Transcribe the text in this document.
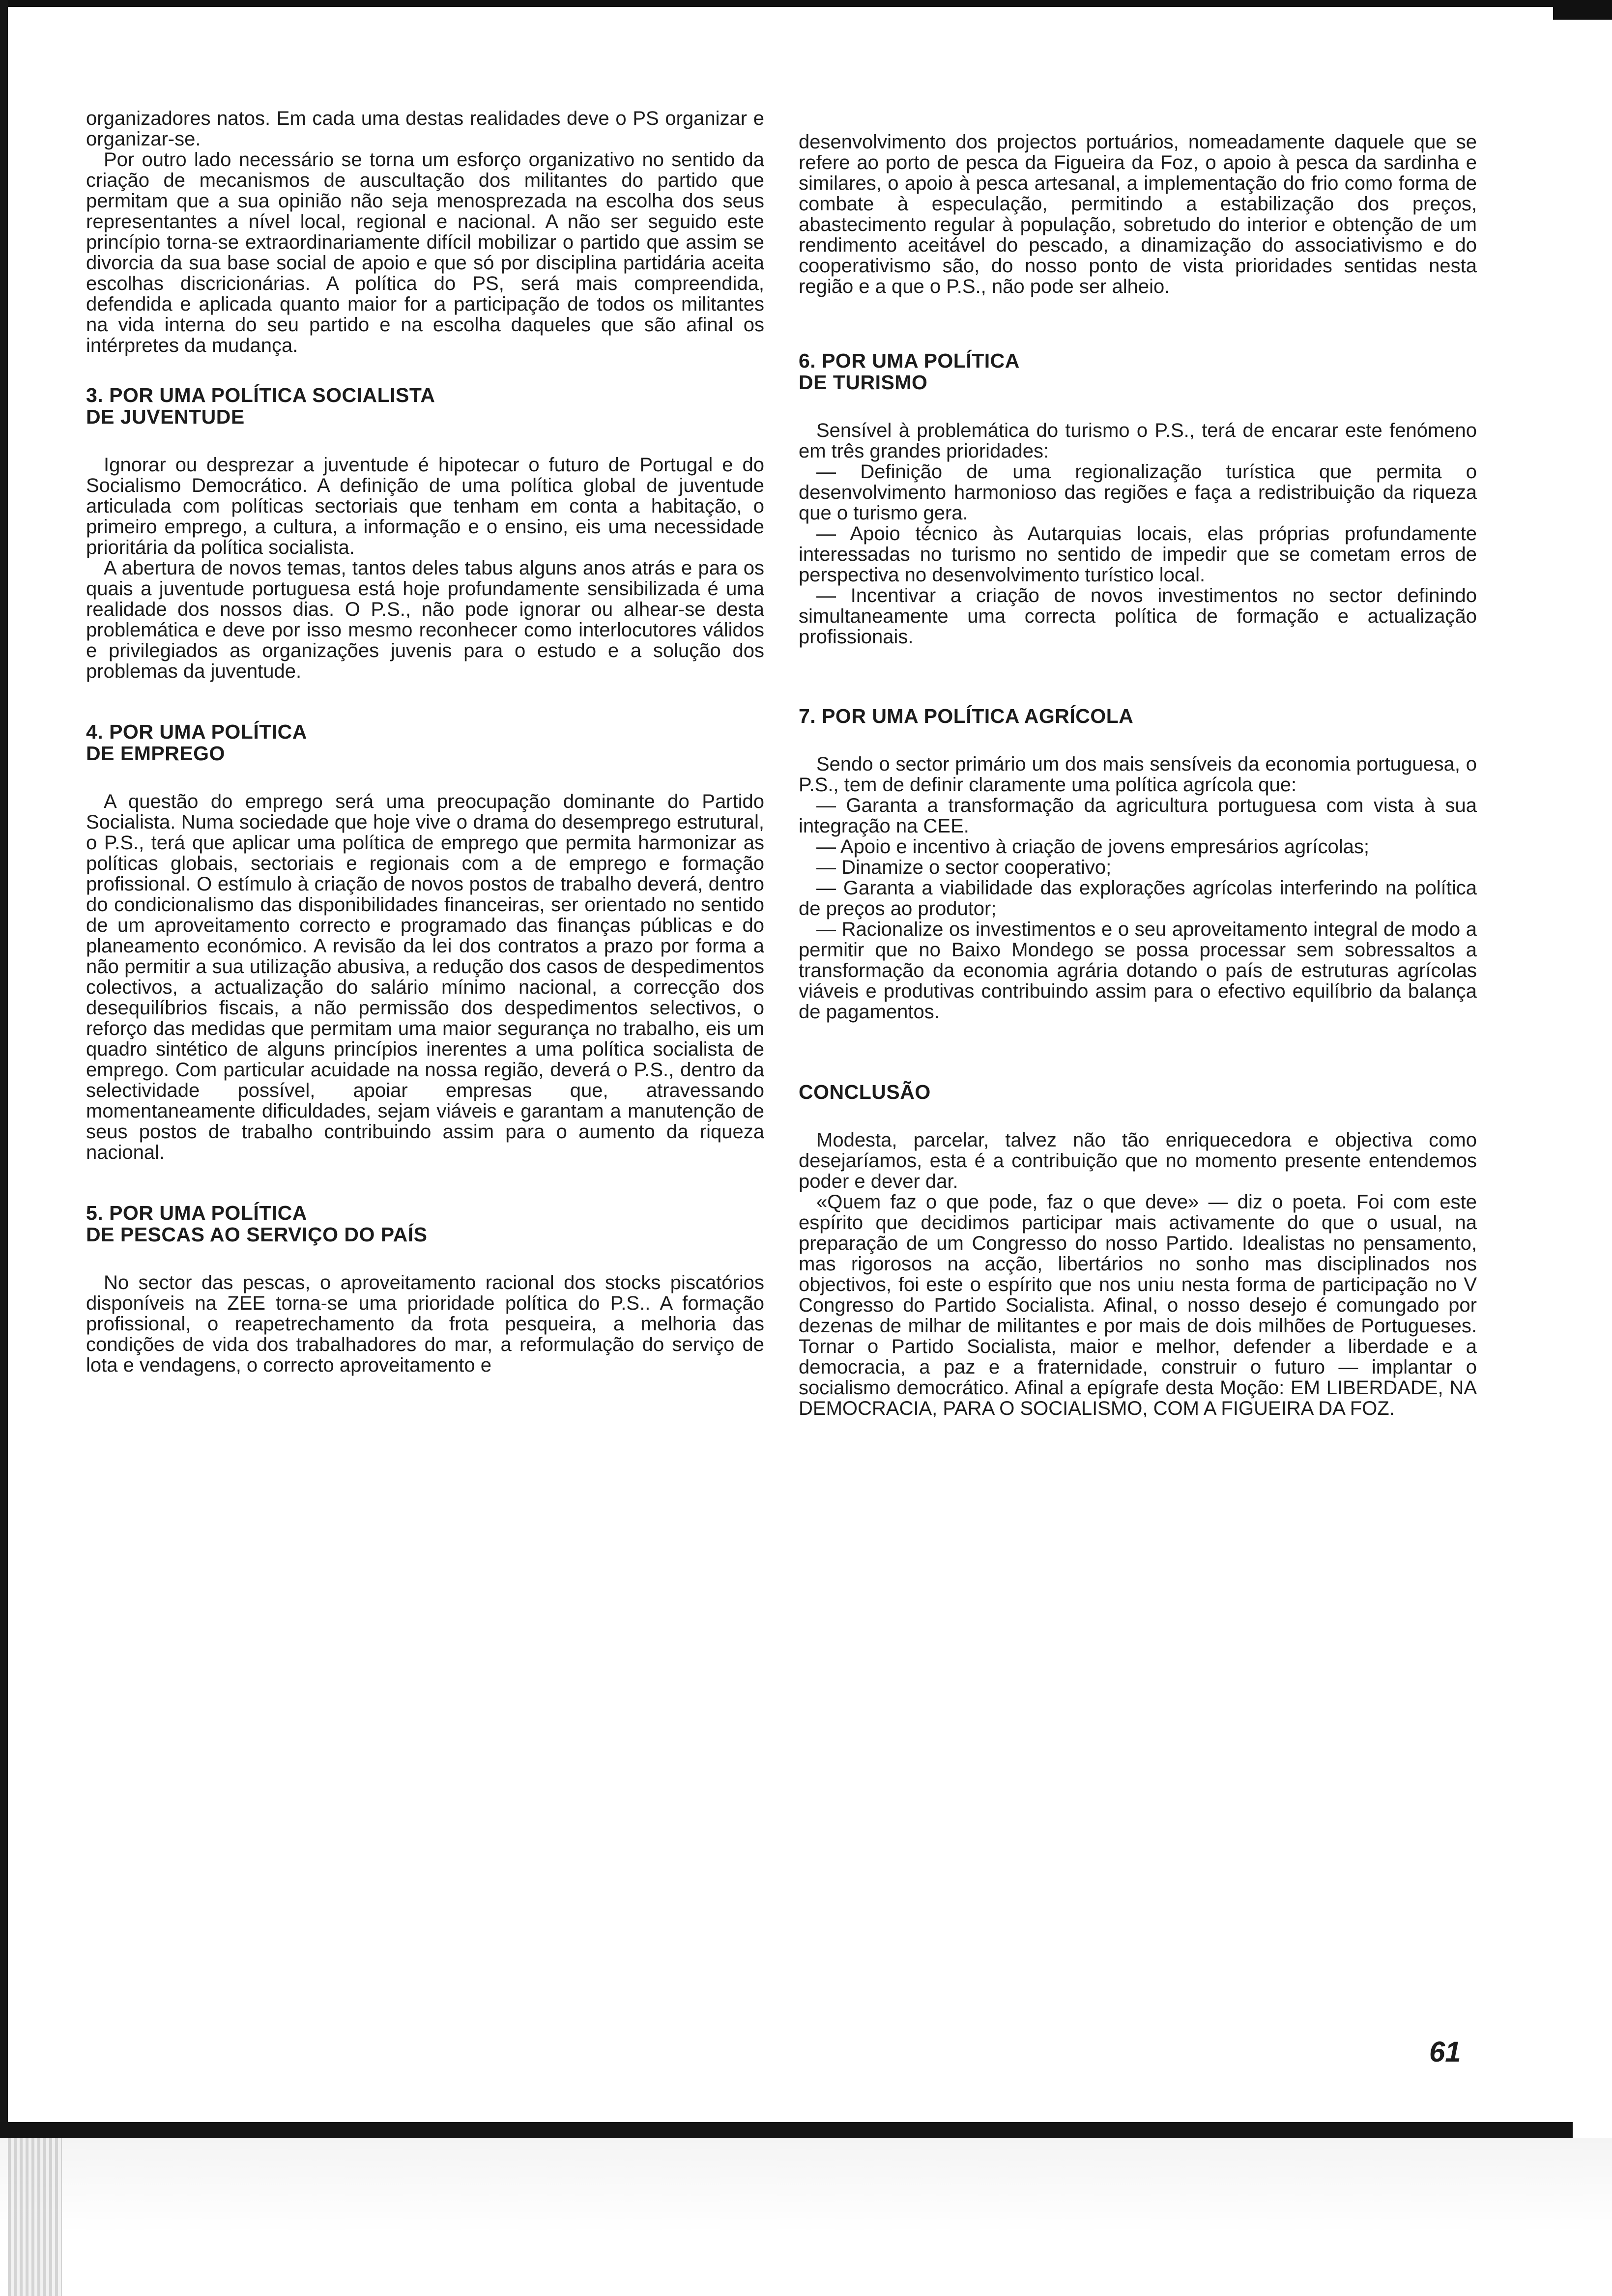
organizadores natos. Em cada uma destas realidades deve o PS organizar e organizar-se.

Por outro lado necessário se torna um esforço organizativo no sentido da criação de mecanismos de auscultação dos militantes do partido que permitam que a sua opinião não seja menosprezada na escolha dos seus representantes a nível local, regional e nacional. A não ser seguido este princípio torna-se extraordinariamente difícil mobilizar o partido que assim se divorcia da sua base social de apoio e que só por disciplina partidária aceita escolhas discricionárias. A política do PS, será mais compreendida, defendida e aplicada quanto maior for a participação de todos os militantes na vida interna do seu partido e na escolha daqueles que são afinal os intérpretes da mudança.

3. POR UMA POLÍTICA SOCIALISTA
DE JUVENTUDE

Ignorar ou desprezar a juventude é hipotecar o futuro de Portugal e do Socialismo Democrático. A definição de uma política global de juventude articulada com políticas sectoriais que tenham em conta a habitação, o primeiro emprego, a cultura, a informação e o ensino, eis uma necessidade prioritária da política socialista.

A abertura de novos temas, tantos deles tabus alguns anos atrás e para os quais a juventude portuguesa está hoje profundamente sensibilizada é uma realidade dos nossos dias. O P.S., não pode ignorar ou alhear-se desta problemática e deve por isso mesmo reconhecer como interlocutores válidos e privilegiados as organizações juvenis para o estudo e a solução dos problemas da juventude.

4. POR UMA POLÍTICA
DE EMPREGO

A questão do emprego será uma preocupação dominante do Partido Socialista. Numa sociedade que hoje vive o drama do desemprego estrutural, o P.S., terá que aplicar uma política de emprego que permita harmonizar as políticas globais, sectoriais e regionais com a de emprego e formação profissional. O estímulo à criação de novos postos de trabalho deverá, dentro do condicionalismo das disponibilidades financeiras, ser orientado no sentido de um aproveitamento correcto e programado das finanças públicas e do planeamento económico. A revisão da lei dos contratos a prazo por forma a não permitir a sua utilização abusiva, a redução dos casos de despedimentos colectivos, a actualização do salário mínimo nacional, a correcção dos desequilíbrios fiscais, a não permissão dos despedimentos selectivos, o reforço das medidas que permitam uma maior segurança no trabalho, eis um quadro sintético de alguns princípios inerentes a uma política socialista de emprego. Com particular acuidade na nossa região, deverá o P.S., dentro da selectividade possível, apoiar empresas que, atravessando momentaneamente dificuldades, sejam viáveis e garantam a manutenção de seus postos de trabalho contribuindo assim para o aumento da riqueza nacional.

5. POR UMA POLÍTICA
DE PESCAS AO SERVIÇO DO PAÍS

No sector das pescas, o aproveitamento racional dos stocks piscatórios disponíveis na ZEE torna-se uma prioridade política do P.S.. A formação profissional, o reapetrechamento da frota pesqueira, a melhoria das condições de vida dos trabalhadores do mar, a reformulação do serviço de lota e vendagens, o correcto aproveitamento e

desenvolvimento dos projectos portuários, nomeadamente daquele que se refere ao porto de pesca da Figueira da Foz, o apoio à pesca da sardinha e similares, o apoio à pesca artesanal, a implementação do frio como forma de combate à especulação, permitindo a estabilização dos preços, abastecimento regular à população, sobretudo do interior e obtenção de um rendimento aceitável do pescado, a dinamização do associativismo e do cooperativismo são, do nosso ponto de vista prioridades sentidas nesta região e a que o P.S., não pode ser alheio.

6. POR UMA POLÍTICA
DE TURISMO

Sensível à problemática do turismo o P.S., terá de encarar este fenómeno em três grandes prioridades:

— Definição de uma regionalização turística que permita o desenvolvimento harmonioso das regiões e faça a redistribuição da riqueza que o turismo gera.

— Apoio técnico às Autarquias locais, elas próprias profundamente interessadas no turismo no sentido de impedir que se cometam erros de perspectiva no desenvolvimento turístico local.

— Incentivar a criação de novos investimentos no sector definindo simultaneamente uma correcta política de formação e actualização profissionais.

7. POR UMA POLÍTICA AGRÍCOLA

Sendo o sector primário um dos mais sensíveis da economia portuguesa, o P.S., tem de definir claramente uma política agrícola que:

— Garanta a transformação da agricultura portuguesa com vista à sua integração na CEE.

— Apoio e incentivo à criação de jovens empresários agrícolas;

— Dinamize o sector cooperativo;

— Garanta a viabilidade das explorações agrícolas interferindo na política de preços ao produtor;

— Racionalize os investimentos e o seu aproveitamento integral de modo a permitir que no Baixo Mondego se possa processar sem sobressaltos a transformação da economia agrária dotando o país de estruturas agrícolas viáveis e produtivas contribuindo assim para o efectivo equilíbrio da balança de pagamentos.

CONCLUSÃO

Modesta, parcelar, talvez não tão enriquecedora e objectiva como desejaríamos, esta é a contribuição que no momento presente entendemos poder e dever dar.

«Quem faz o que pode, faz o que deve» — diz o poeta. Foi com este espírito que decidimos participar mais activamente do que o usual, na preparação de um Congresso do nosso Partido. Idealistas no pensamento, mas rigorosos na acção, libertários no sonho mas disciplinados nos objectivos, foi este o espírito que nos uniu nesta forma de participação no V Congresso do Partido Socialista. Afinal, o nosso desejo é comungado por dezenas de milhar de militantes e por mais de dois milhões de Portugueses. Tornar o Partido Socialista, maior e melhor, defender a liberdade e a democracia, a paz e a fraternidade, construir o futuro — implantar o socialismo democrático. Afinal a epígrafe desta Moção: EM LIBERDADE, NA DEMOCRACIA, PARA O SOCIALISMO, COM A FIGUEIRA DA FOZ.

61
